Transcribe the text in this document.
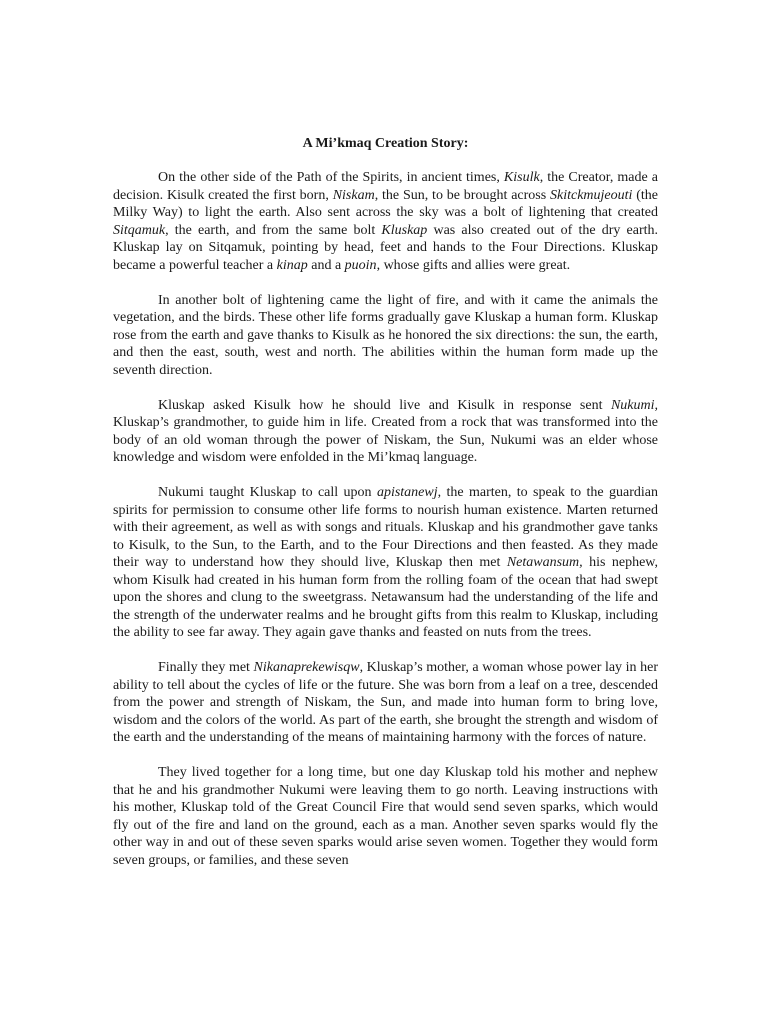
A Mi’kmaq Creation Story:

On the other side of the Path of the Spirits, in ancient times, Kisulk, the Creator, made a decision. Kisulk created the first born, Niskam, the Sun, to be brought across Skitckmujeouti (the Milky Way) to light the earth. Also sent across the sky was a bolt of lightening that created Sitqamuk, the earth, and from the same bolt Kluskap was also created out of the dry earth. Kluskap lay on Sitqamuk, pointing by head, feet and hands to the Four Directions. Kluskap became a powerful teacher a kinap and a puoin, whose gifts and allies were great.

In another bolt of lightening came the light of fire, and with it came the animals the vegetation, and the birds. These other life forms gradually gave Kluskap a human form. Kluskap rose from the earth and gave thanks to Kisulk as he honored the six directions: the sun, the earth, and then the east, south, west and north. The abilities within the human form made up the seventh direction.

Kluskap asked Kisulk how he should live and Kisulk in response sent Nukumi, Kluskap’s grandmother, to guide him in life. Created from a rock that was transformed into the body of an old woman through the power of Niskam, the Sun, Nukumi was an elder whose knowledge and wisdom were enfolded in the Mi’kmaq language.

Nukumi taught Kluskap to call upon apistanewj, the marten, to speak to the guardian spirits for permission to consume other life forms to nourish human existence. Marten returned with their agreement, as well as with songs and rituals. Kluskap and his grandmother gave tanks to Kisulk, to the Sun, to the Earth, and to the Four Directions and then feasted. As they made their way to understand how they should live, Kluskap then met Netawansum, his nephew, whom Kisulk had created in his human form from the rolling foam of the ocean that had swept upon the shores and clung to the sweetgrass. Netawansum had the understanding of the life and the strength of the underwater realms and he brought gifts from this realm to Kluskap, including the ability to see far away. They again gave thanks and feasted on nuts from the trees.

Finally they met Nikanaprekewisqw, Kluskap’s mother, a woman whose power lay in her ability to tell about the cycles of life or the future. She was born from a leaf on a tree, descended from the power and strength of Niskam, the Sun, and made into human form to bring love, wisdom and the colors of the world. As part of the earth, she brought the strength and wisdom of the earth and the understanding of the means of maintaining harmony with the forces of nature.

They lived together for a long time, but one day Kluskap told his mother and nephew that he and his grandmother Nukumi were leaving them to go north. Leaving instructions with his mother, Kluskap told of the Great Council Fire that would send seven sparks, which would fly out of the fire and land on the ground, each as a man. Another seven sparks would fly the other way in and out of these seven sparks would arise seven women. Together they would form seven groups, or families, and these seven
